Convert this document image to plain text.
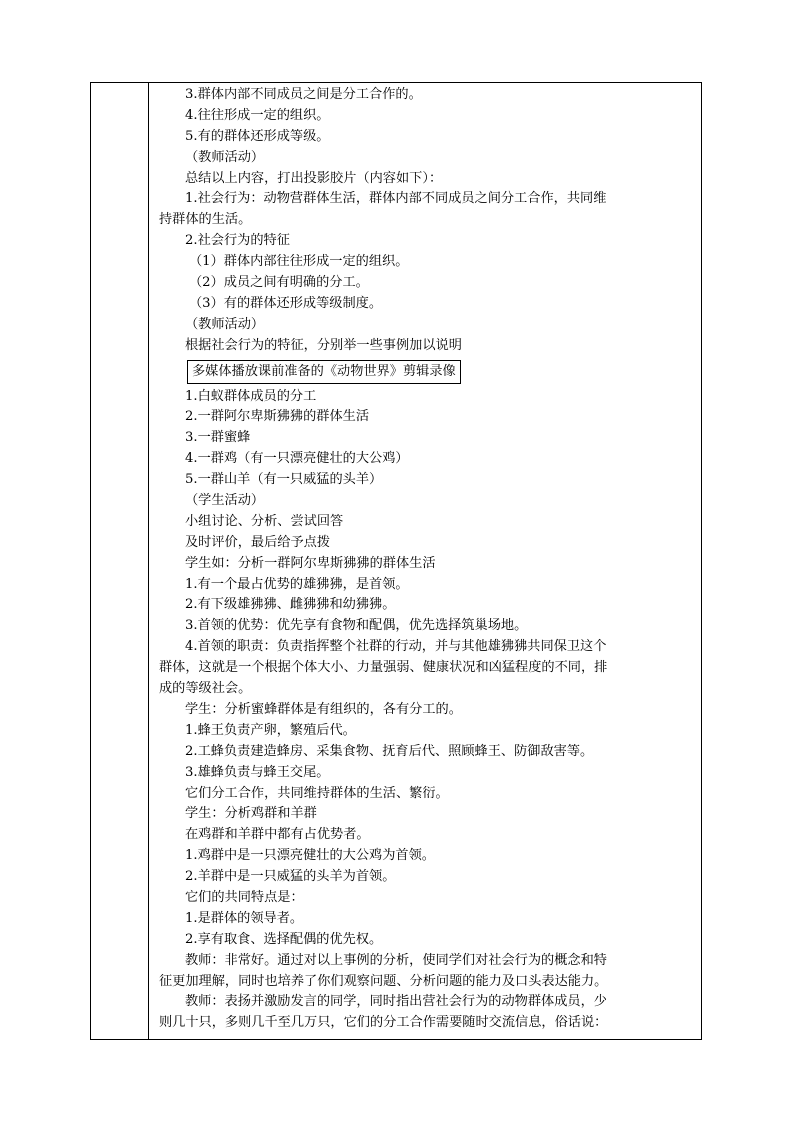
3.群体内部不同成员之间是分工合作的。
4.往往形成一定的组织。
5.有的群体还形成等级。
（教师活动）
总结以上内容，打出投影胶片（内容如下）：
1.社会行为：动物营群体生活，群体内部不同成员之间分工合作，共同维
持群体的生活。
2.社会行为的特征
（1）群体内部往往形成一定的组织。
（2）成员之间有明确的分工。
（3）有的群体还形成等级制度。
（教师活动）
根据社会行为的特征，分别举一些事例加以说明
多媒体播放课前准备的《动物世界》剪辑录像
1.白蚁群体成员的分工
2.一群阿尔卑斯狒狒的群体生活
3.一群蜜蜂
4.一群鸡（有一只漂亮健壮的大公鸡）
5.一群山羊（有一只威猛的头羊）
（学生活动）
小组讨论、分析、尝试回答
及时评价，最后给予点拨
学生如：分析一群阿尔卑斯狒狒的群体生活
1.有一个最占优势的雄狒狒，是首领。
2.有下级雄狒狒、雌狒狒和幼狒狒。
3.首领的优势：优先享有食物和配偶，优先选择筑巢场地。
4.首领的职责：负责指挥整个社群的行动，并与其他雄狒狒共同保卫这个
群体，这就是一个根据个体大小、力量强弱、健康状况和凶猛程度的不同，排
成的等级社会。
学生：分析蜜蜂群体是有组织的，各有分工的。
1.蜂王负责产卵，繁殖后代。
2.工蜂负责建造蜂房、采集食物、抚育后代、照顾蜂王、防御敌害等。
3.雄蜂负责与蜂王交尾。
它们分工合作，共同维持群体的生活、繁衍。
学生：分析鸡群和羊群
在鸡群和羊群中都有占优势者。
1.鸡群中是一只漂亮健壮的大公鸡为首领。
2.羊群中是一只威猛的头羊为首领。
它们的共同特点是：
1.是群体的领导者。
2.享有取食、选择配偶的优先权。
教师：非常好。通过对以上事例的分析，使同学们对社会行为的概念和特
征更加理解，同时也培养了你们观察问题、分析问题的能力及口头表达能力。
教师：表扬并激励发言的同学，同时指出营社会行为的动物群体成员，少
则几十只，多则几千至几万只，它们的分工合作需要随时交流信息，俗话说：
